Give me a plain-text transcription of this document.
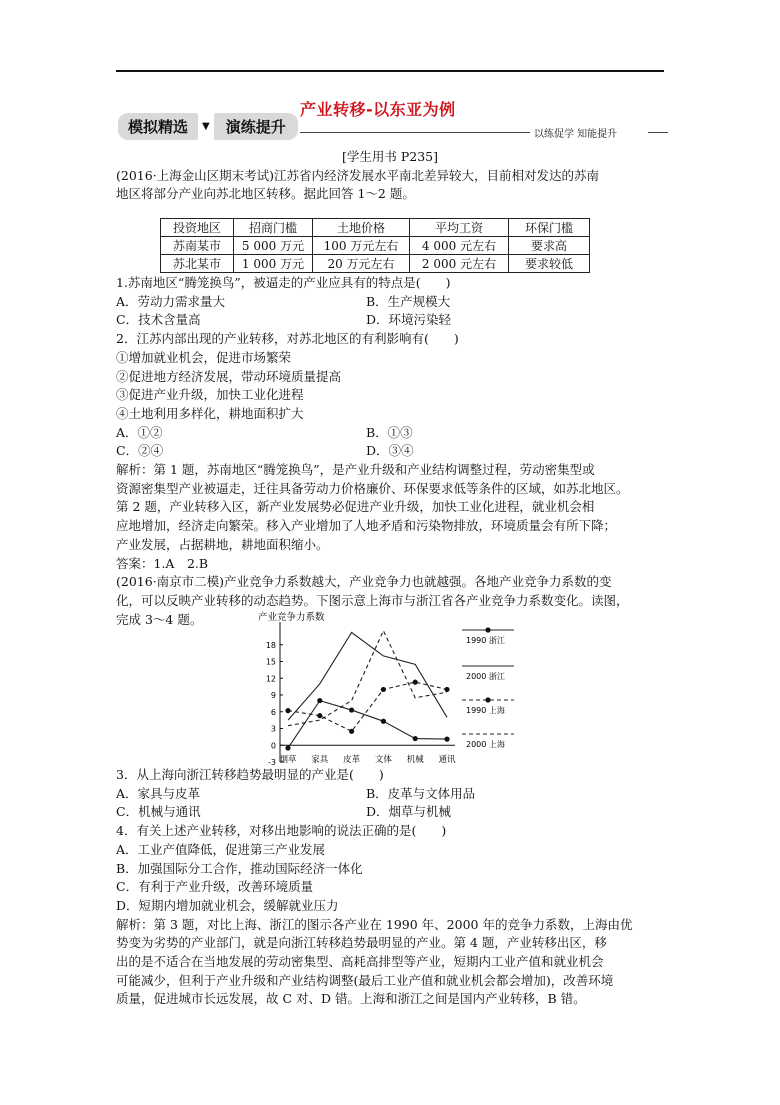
产业转移-以东亚为例
模拟精选	▼	演练提升	以练促学 知能提升

[学生用书 P235]

(2016·上海金山区期末考试)江苏省内经济发展水平南北差异较大，目前相对发达的苏南

地区将部分产业向苏北地区转移。据此回答 1～2 题。

投资地区	招商门槛	土地价格	平均工资	环保门槛
苏南某市	5 000 万元	100 万元左右	4 000 元左右	要求高
苏北某市	1 000 万元	20 万元左右	2 000 元左右	要求较低

1.苏南地区“腾笼换鸟”，被逼走的产业应具有的特点是(　　)

A．劳动力需求量大	B．生产规模大

C．技术含量高	D．环境污染轻

2．江苏内部出现的产业转移，对苏北地区的有利影响有(　　)

①增加就业机会，促进市场繁荣

②促进地方经济发展，带动环境质量提高

③促进产业升级，加快工业化进程

④土地利用多样化，耕地面积扩大

A．①②	B．①③

C．②④	D．③④

解析：第 1 题，苏南地区“腾笼换鸟”，是产业升级和产业结构调整过程，劳动密集型或

资源密集型产业被逼走，迁往具备劳动力价格廉价、环保要求低等条件的区域，如苏北地区。

第 2 题，产业转移入区，新产业发展势必促进产业升级，加快工业化进程，就业机会相

应地增加，经济走向繁荣。移入产业增加了人地矛盾和污染物排放，环境质量会有所下降；

产业发展，占据耕地，耕地面积缩小。

答案：1.A　2.B

(2016·南京市二模)产业竞争力系数越大，产业竞争力也就越强。各地产业竞争力系数的变

化，可以反映产业转移的动态趋势。下图示意上海市与浙江省各产业竞争力系数变化。读图，

完成 3～4 题。	产业竞争力系数
-3
0
3
6
9
12
15
18
烟草 家具 皮革 文体 机械 通讯
1990 浙江
2000 浙江
1990 上海
2000 上海

3．从上海向浙江转移趋势最明显的产业是(　　)

A．家具与皮革	B．皮革与文体用品

C．机械与通讯	D．烟草与机械

4．有关上述产业转移，对移出地影响的说法正确的是(　　)

A．工业产值降低，促进第三产业发展

B．加强国际分工合作，推动国际经济一体化

C．有利于产业升级，改善环境质量

D．短期内增加就业机会，缓解就业压力

解析：第 3 题，对比上海、浙江的图示各产业在 1990 年、2000 年的竞争力系数，上海由优

势变为劣势的产业部门，就是向浙江转移趋势最明显的产业。第 4 题，产业转移出区，移

出的是不适合在当地发展的劳动密集型、高耗高排型等产业，短期内工业产值和就业机会

可能减少，但利于产业升级和产业结构调整(最后工业产值和就业机会都会增加)，改善环境

质量，促进城市长远发展，故 C 对、D 错。上海和浙江之间是国内产业转移，B 错。
